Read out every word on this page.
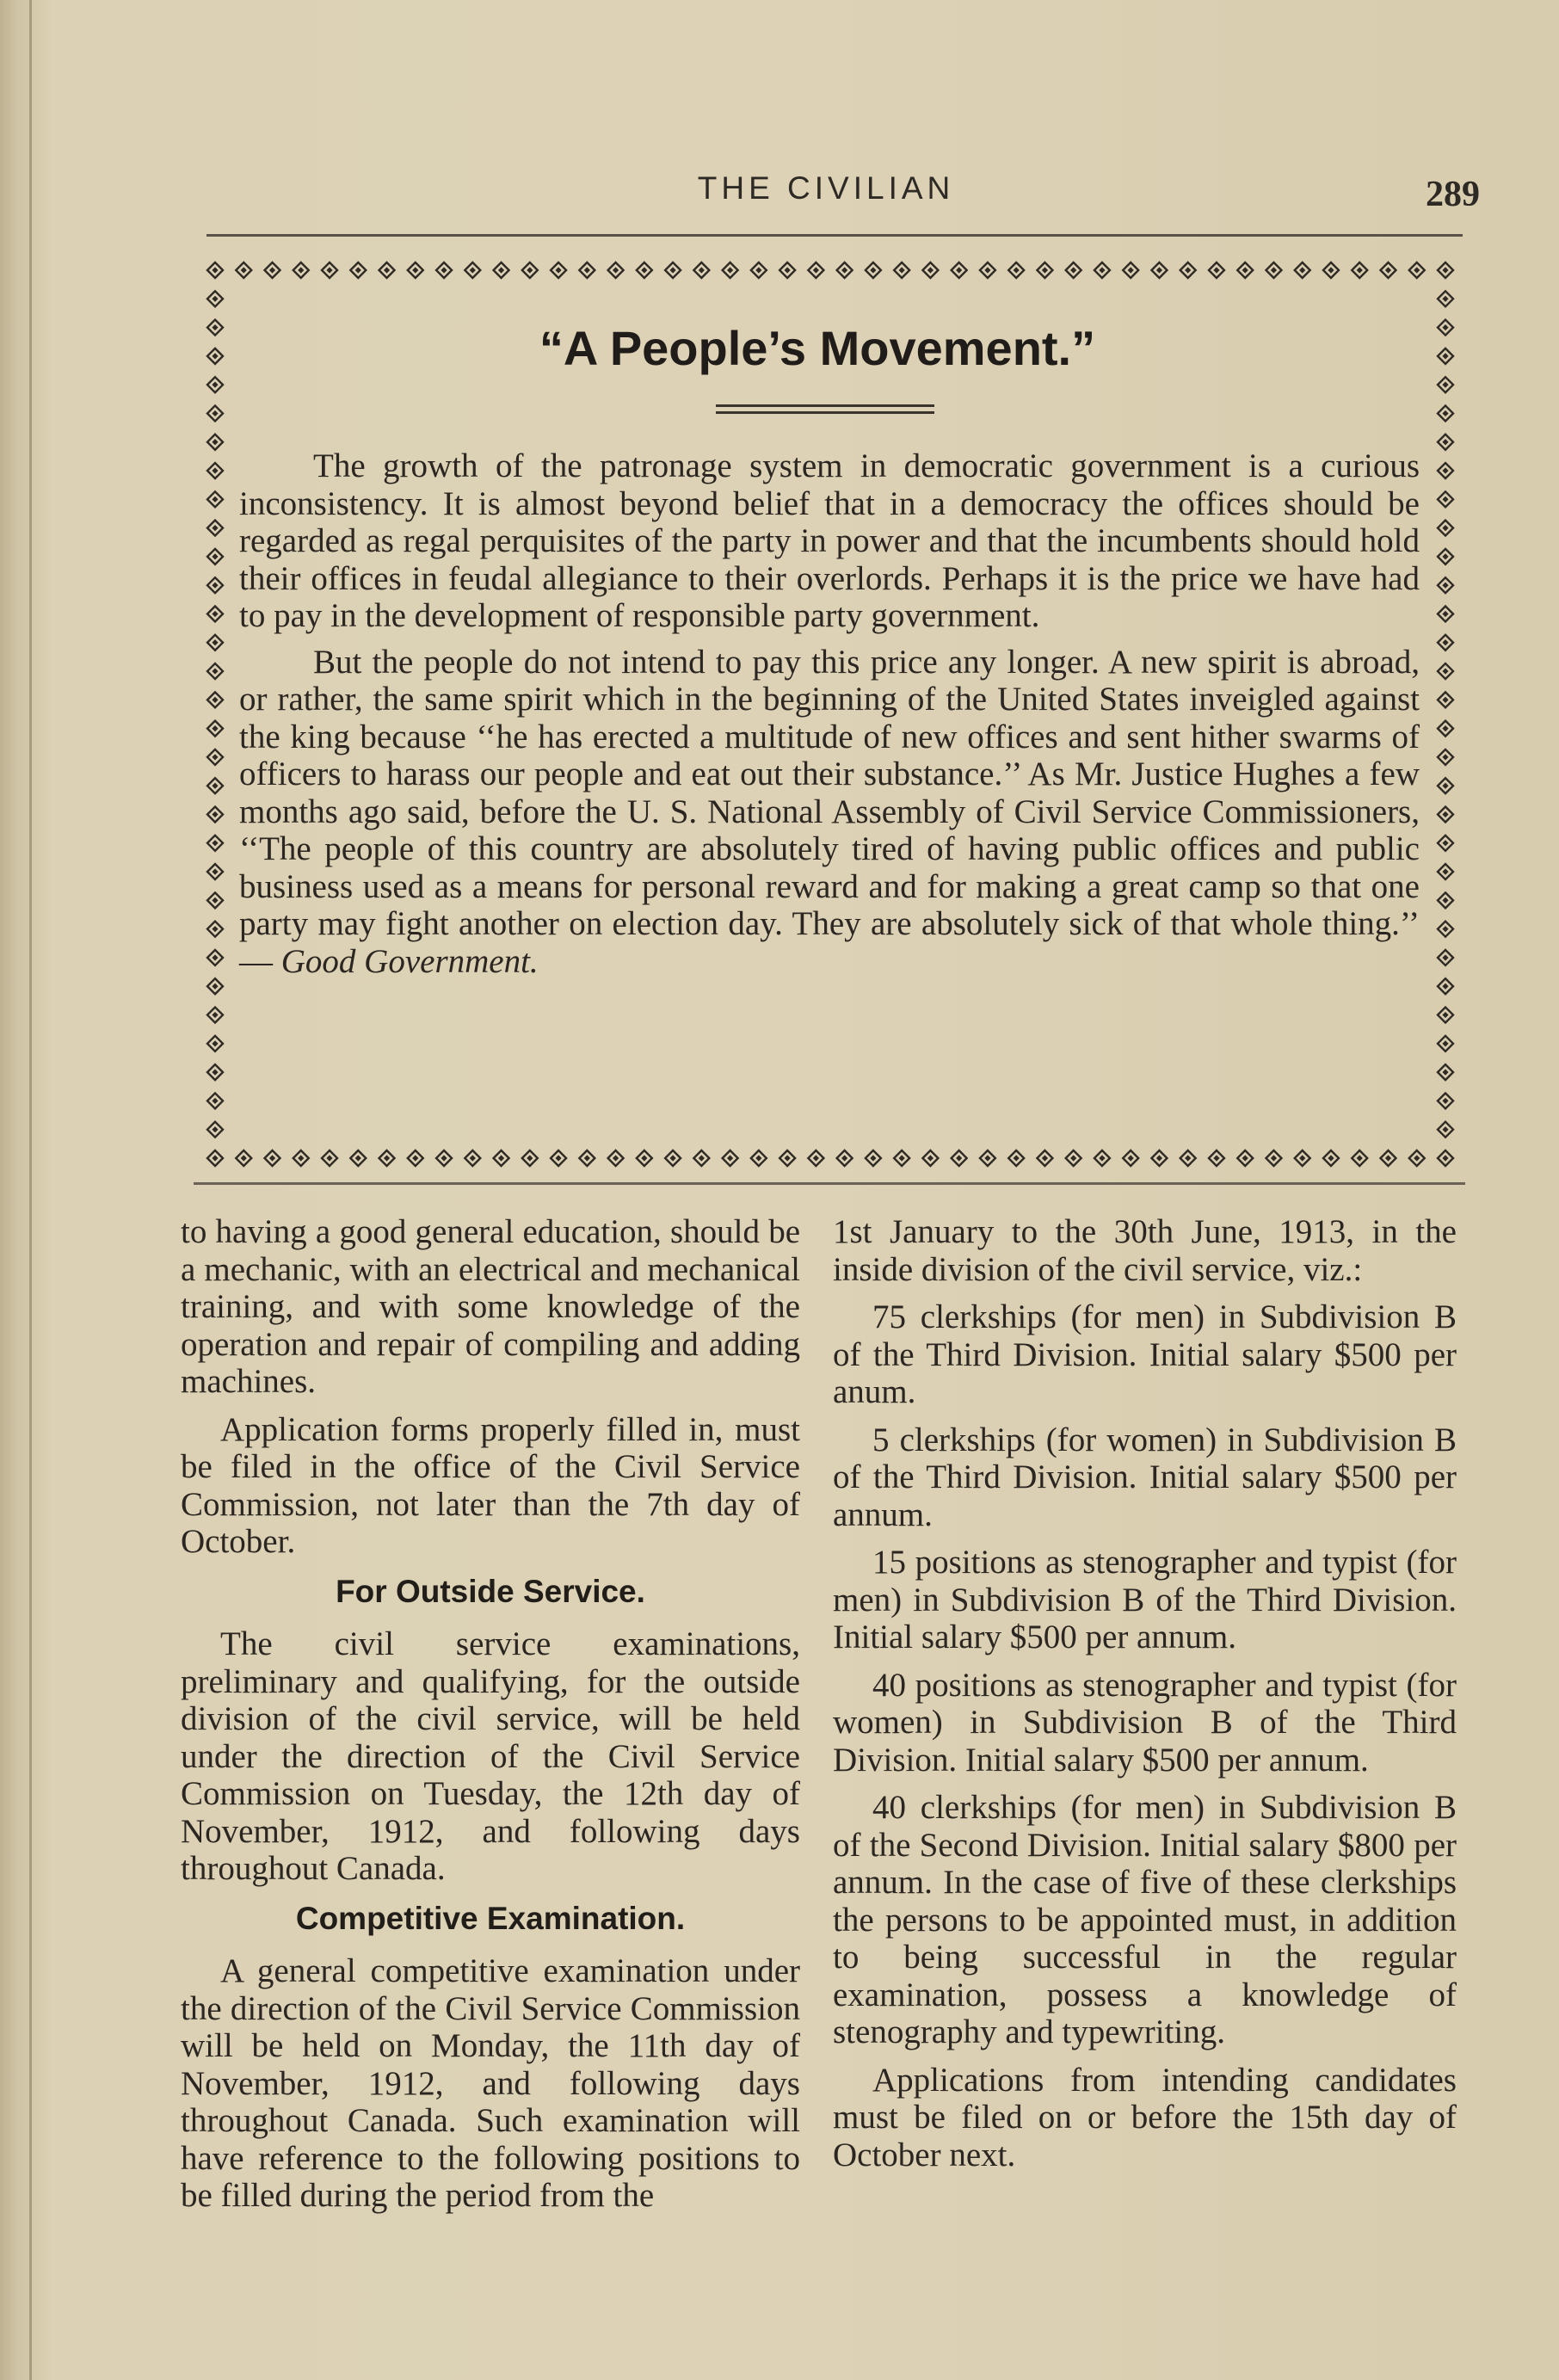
THE CIVILIAN	289
“A People’s Movement.”

The growth of the patronage system in democratic government is a curious inconsistency. It is almost beyond belief that in a democracy the offices should be regarded as regal perquisites of the party in power and that the incumbents should hold their offices in feudal allegiance to their overlords. Perhaps it is the price we have had to pay in the development of responsible party government.

But the people do not intend to pay this price any longer. A new spirit is abroad, or rather, the same spirit which in the beginning of the United States inveigled against the king because ‘‘he has erected a multitude of new offices and sent hither swarms of officers to harass our people and eat out their substance.’’ As Mr. Justice Hughes a few months ago said, before the U. S. National Assembly of Civil Service Commissioners, ‘‘The people of this country are absolutely tired of having public offices and public business used as a means for personal reward and for making a great camp so that one party may fight another on election day. They are absolutely sick of that whole thing.’’ — Good Government.

to having a good general education, should be a mechanic, with an electrical and mechanical training, and with some knowledge of the operation and repair of compiling and adding machines.

Application forms properly filled in, must be filed in the office of the Civil Service Commission, not later than the 7th day of October.

For Outside Service.

The civil service examinations, preliminary and qualifying, for the outside division of the civil service, will be held under the direction of the Civil Service Commission on Tuesday, the 12th day of November, 1912, and following days throughout Canada.

Competitive Examination.

A general competitive examination under the direction of the Civil Service Commission will be held on Monday, the 11th day of November, 1912, and following days throughout Canada. Such examination will have reference to the following positions to be filled during the period from the

1st January to the 30th June, 1913, in the inside division of the civil service, viz.:

75 clerkships (for men) in Subdivision B of the Third Division. Initial salary $500 per anum.

5 clerkships (for women) in Subdivision B of the Third Division. Initial salary $500 per annum.

15 positions as stenographer and typist (for men) in Subdivision B of the Third Division. Initial salary $500 per annum.

40 positions as stenographer and typist (for women) in Subdivision B of the Third Division. Initial salary $500 per annum.

40 clerkships (for men) in Subdivision B of the Second Division. Initial salary $800 per annum. In the case of five of these clerkships the persons to be appointed must, in addition to being successful in the regular examination, possess a knowledge of stenography and typewriting.

Applications from intending candidates must be filed on or before the 15th day of October next.
